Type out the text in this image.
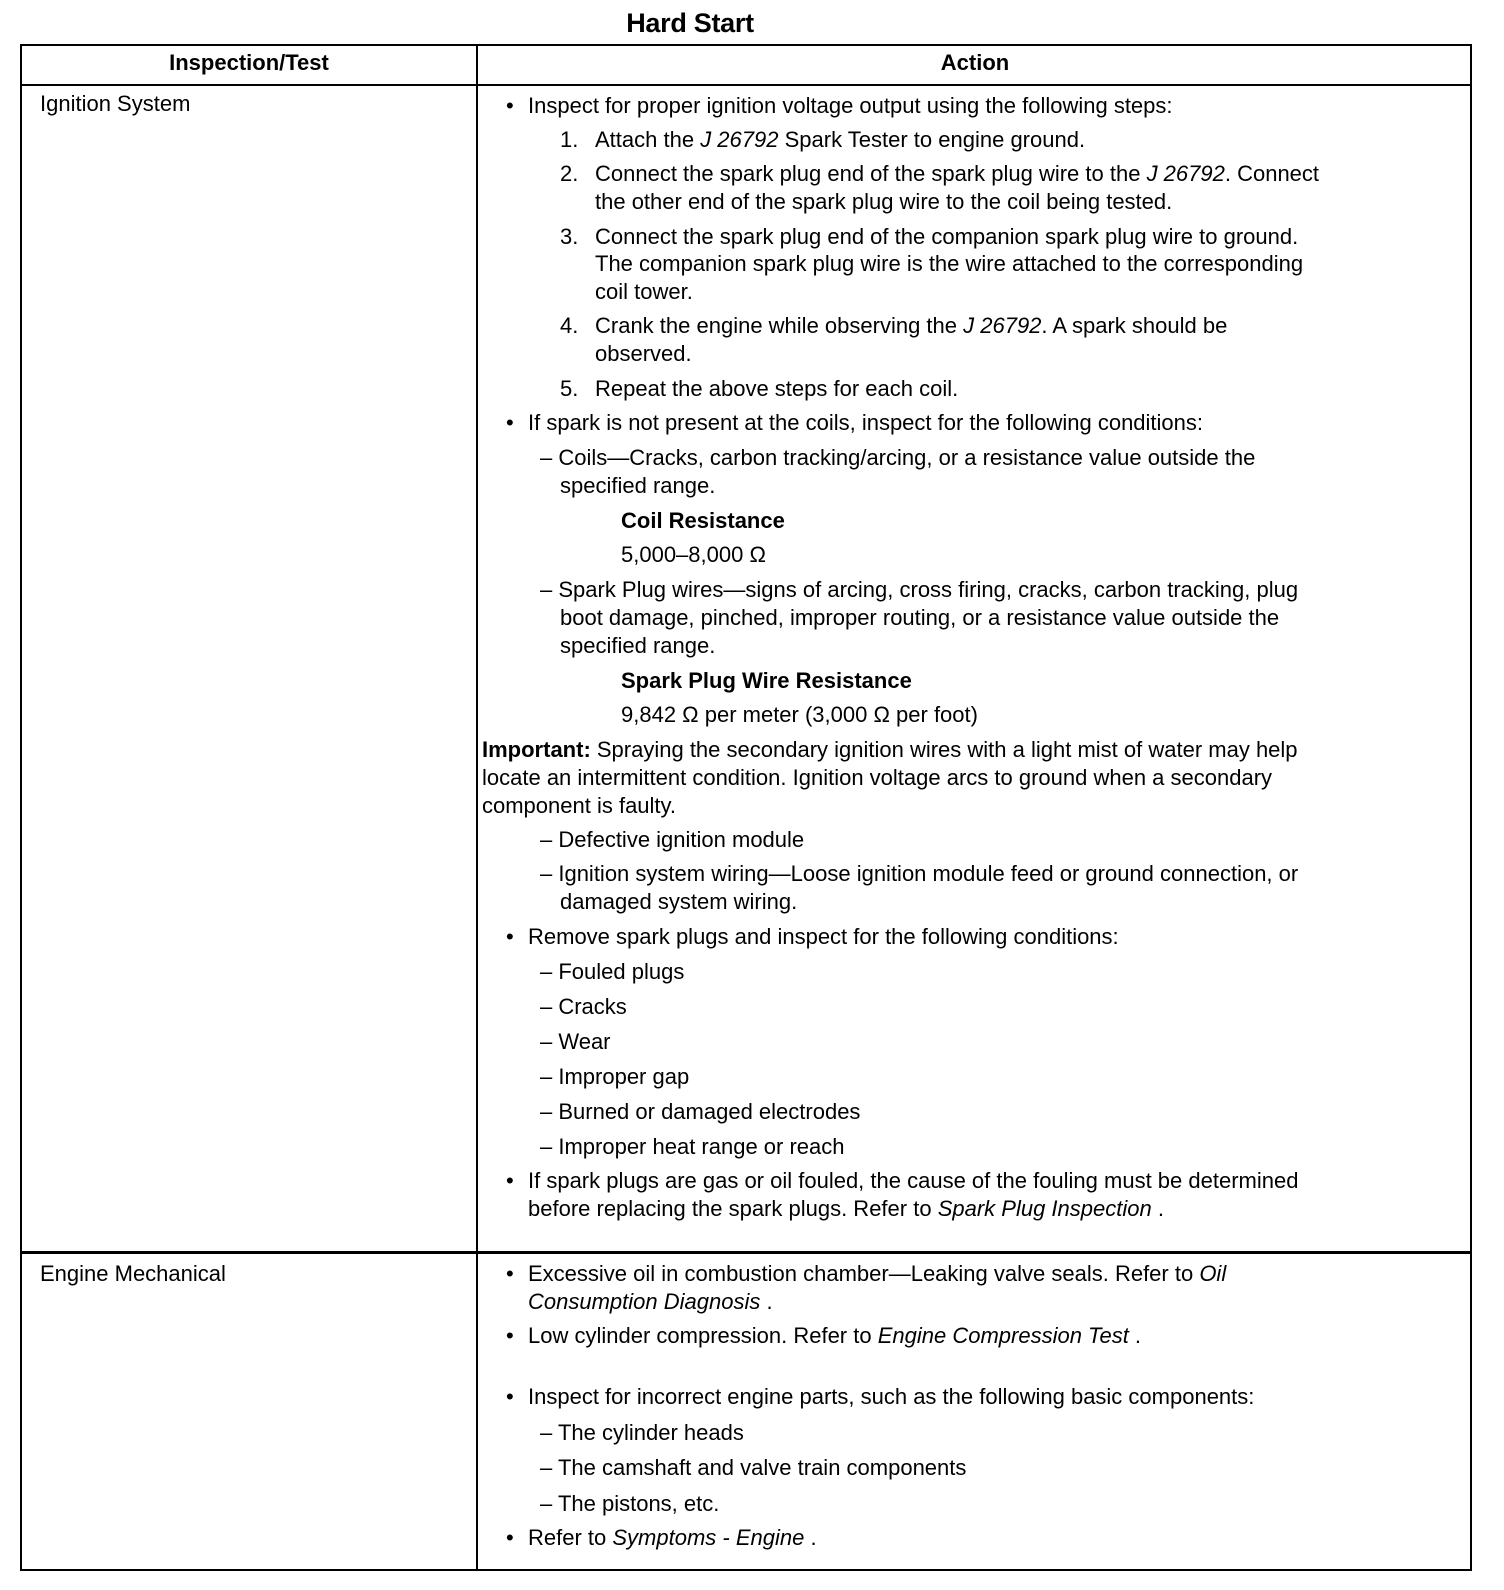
Hard Start
Inspection/Test	Action
Ignition System	• Inspect for proper ignition voltage output using the following steps:
1. Attach the J 26792 Spark Tester to engine ground.
2. Connect the spark plug end of the spark plug wire to the J 26792. Connect
the other end of the spark plug wire to the coil being tested.
3. Connect the spark plug end of the companion spark plug wire to ground.
The companion spark plug wire is the wire attached to the corresponding
coil tower.
4. Crank the engine while observing the J 26792. A spark should be
observed.
5. Repeat the above steps for each coil.
• If spark is not present at the coils, inspect for the following conditions:
– Coils—Cracks, carbon tracking/arcing, or a resistance value outside the
specified range.
Coil Resistance
5,000–8,000 Ω
– Spark Plug wires—signs of arcing, cross firing, cracks, carbon tracking, plug
boot damage, pinched, improper routing, or a resistance value outside the
specified range.
Spark Plug Wire Resistance
9,842 Ω per meter (3,000 Ω per foot)
Important: Spraying the secondary ignition wires with a light mist of water may help
locate an intermittent condition. Ignition voltage arcs to ground when a secondary
component is faulty.
– Defective ignition module
– Ignition system wiring—Loose ignition module feed or ground connection, or
damaged system wiring.
• Remove spark plugs and inspect for the following conditions:
– Fouled plugs
– Cracks
– Wear
– Improper gap
– Burned or damaged electrodes
– Improper heat range or reach
• If spark plugs are gas or oil fouled, the cause of the fouling must be determined
before replacing the spark plugs. Refer to Spark Plug Inspection .
Engine Mechanical	• Excessive oil in combustion chamber—Leaking valve seals. Refer to Oil
Consumption Diagnosis .
• Low cylinder compression. Refer to Engine Compression Test .
• Inspect for incorrect engine parts, such as the following basic components:
– The cylinder heads
– The camshaft and valve train components
– The pistons, etc.
• Refer to Symptoms - Engine .
